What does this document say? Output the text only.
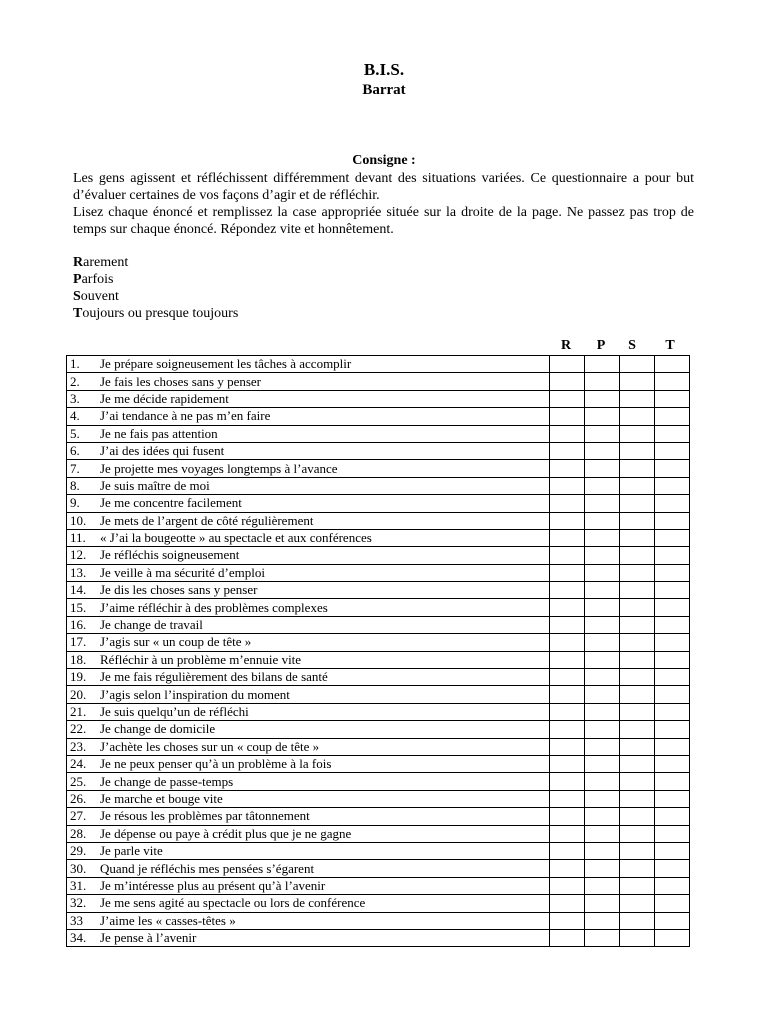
B.I.S.
Barrat
Consigne :
Les gens agissent et réfléchissent différemment devant des situations variées. Ce questionnaire a pour but d’évaluer certaines de vos façons d’agir et de réfléchir.
Lisez chaque énoncé et remplissez la case appropriée située sur la droite de la page. Ne passez pas trop de temps sur chaque énoncé. Répondez vite et honnêtement.
Rarement
Parfois
Souvent
Toujours ou presque toujours
R	P	S	T
1. Je prépare soigneusement les tâches à accomplir				
2. Je fais les choses sans y penser				
3. Je me décide rapidement				
4. J’ai tendance à ne pas m’en faire				
5. Je ne fais pas attention				
6. J’ai des idées qui fusent				
7. Je projette mes voyages longtemps à l’avance				
8. Je suis maître de moi				
9. Je me concentre facilement				
10. Je mets de l’argent de côté régulièrement				
11. « J’ai la bougeotte » au spectacle et aux conférences				
12. Je réfléchis soigneusement				
13. Je veille à ma sécurité d’emploi				
14. Je dis les choses sans y penser				
15. J’aime réfléchir à des problèmes complexes				
16. Je change de travail				
17. J’agis sur « un coup de tête »				
18. Réfléchir à un problème m’ennuie vite				
19. Je me fais régulièrement des bilans de santé				
20. J’agis selon l’inspiration du moment				
21. Je suis quelqu’un de réfléchi				
22. Je change de domicile				
23. J’achète les choses sur un « coup de tête »				
24. Je ne peux penser qu’à un problème à la fois				
25. Je change de passe-temps				
26. Je marche et bouge vite				
27. Je résous les problèmes par tâtonnement				
28. Je dépense ou paye à crédit plus que je ne gagne				
29. Je parle vite				
30. Quand je réfléchis mes pensées s’égarent				
31. Je m’intéresse plus au présent qu’à l’avenir				
32. Je me sens agité au spectacle ou lors de conférence				
33 J’aime les « casses-têtes »				
34. Je pense à l’avenir				
